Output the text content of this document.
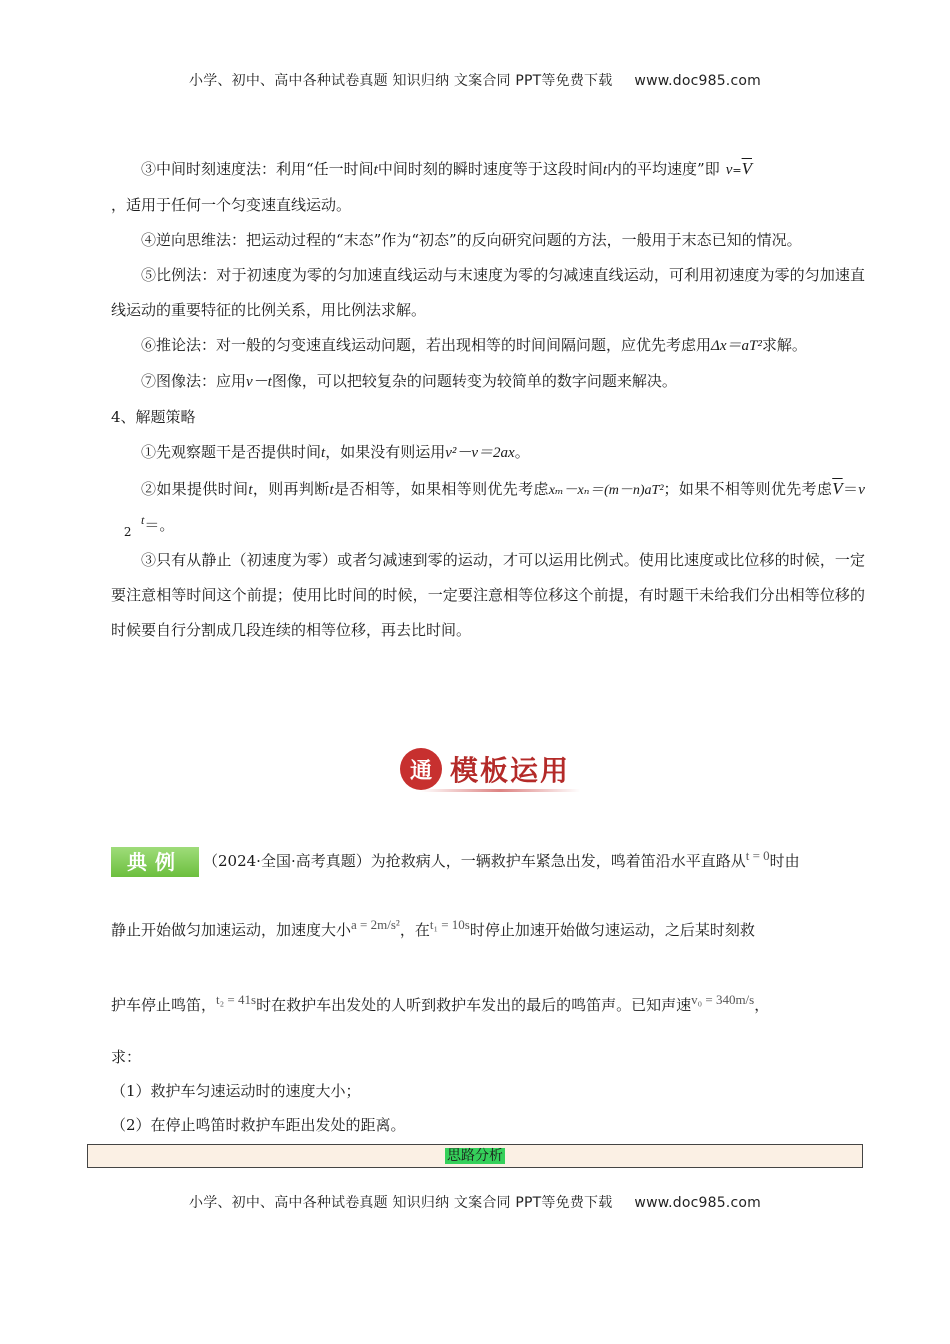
小学、初中、高中各种试卷真题 知识归纳 文案合同 PPT等免费下载 www.doc985.com

③中间时刻速度法：利用“任一时间t中间时刻的瞬时速度等于这段时间t内的平均速度”即 $v=\overline{V}$

，适用于任何一个匀变速直线运动。

④逆向思维法：把运动过程的“末态”作为“初态”的反向研究问题的方法，一般用于末态已知的情况。

⑤比例法：对于初速度为零的匀加速直线运动与末速度为零的匀减速直线运动，可利用初速度为零的匀加速直线运动的重要特征的比例关系，用比例法求解。

⑥推论法：对一般的匀变速直线运动问题，若出现相等的时间间隔问题，应优先考虑用Δx＝aT²求解。

⑦图像法：应用v－t图像，可以把较复杂的问题转变为较简单的数字问题来解决。

4、解题策略

①先观察题干是否提供时间t，如果没有则运用v²－v＝2ax。

②如果提供时间t，则再判断t是否相等，如果相等则优先考虑xₘ－xₙ＝(m－n)aT²；如果不相等则优先考虑$\overline{V}=vt$
2 ＝。

③只有从静止（初速度为零）或者匀减速到零的运动，才可以运用比例式。使用比速度或比位移的时候，一定要注意相等时间这个前提；使用比时间的时候，一定要注意相等位移这个前提，有时题干未给我们分出相等位移的时候要自行分割成几段连续的相等位移，再去比时间。

通 模板运用
典例 （2024·全国·高考真题）为抢救病人，一辆救护车紧急出发，鸣着笛沿水平直路从t = 0时由
静止开始做匀加速运动，加速度大小a = 2m/s²，在t₁ = 10s时停止加速开始做匀速运动，之后某时刻救
护车停止鸣笛，t₂ = 41s时在救护车出发处的人听到救护车发出的最后的鸣笛声。已知声速v₀ = 340m/s，
求：
（1）救护车匀速运动时的速度大小；
（2）在停止鸣笛时救护车距出发处的距离。
思路分析
小学、初中、高中各种试卷真题 知识归纳 文案合同 PPT等免费下载 www.doc985.com
